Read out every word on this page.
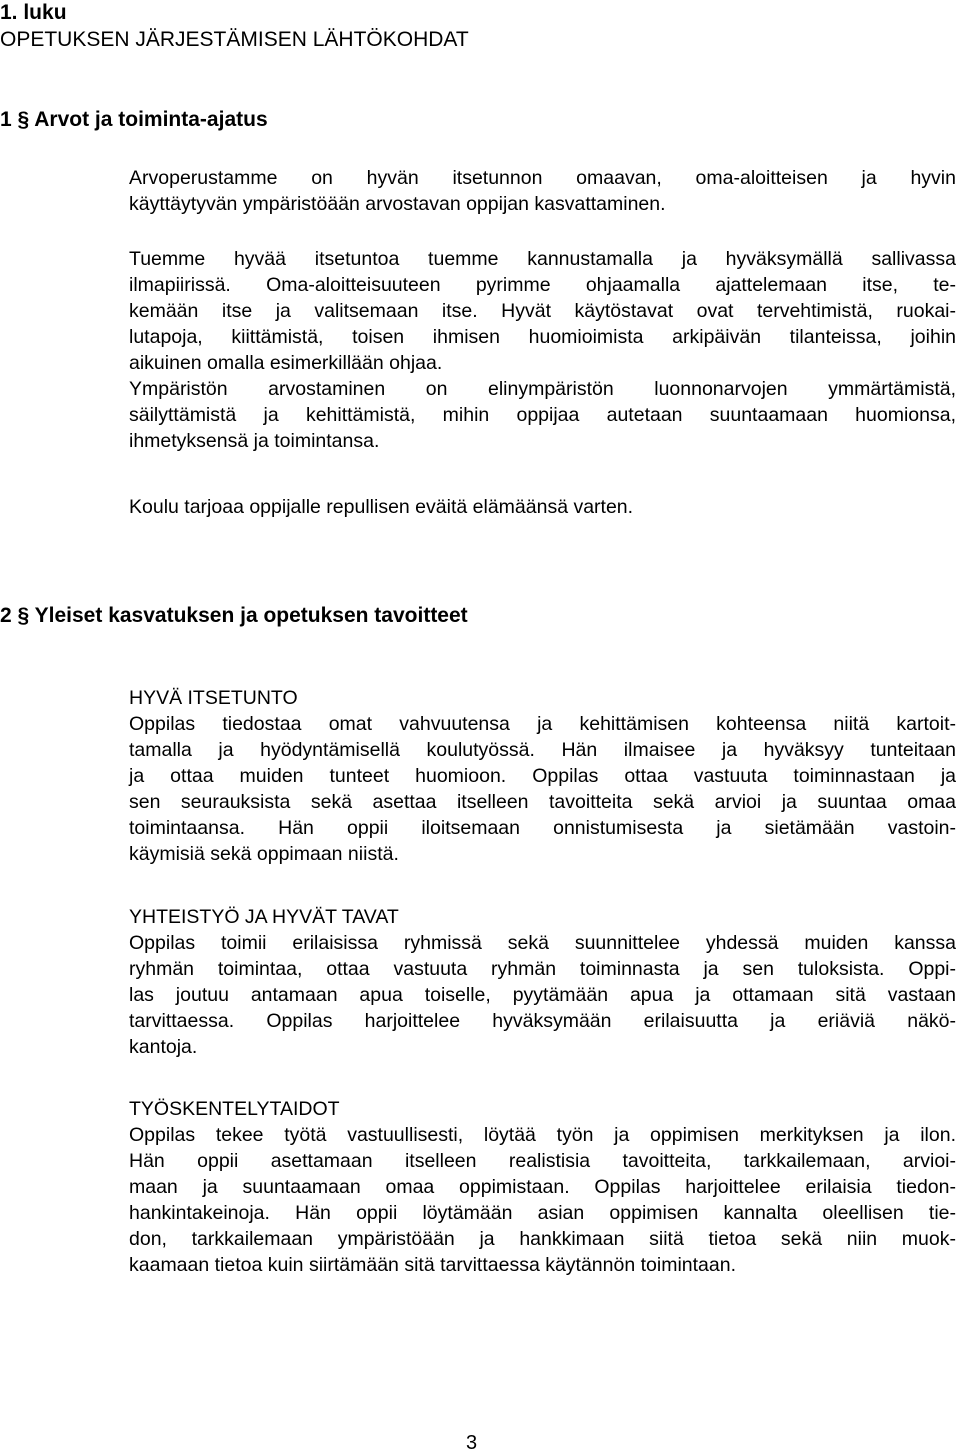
1. luku
OPETUKSEN JÄRJESTÄMISEN LÄHTÖKOHDAT
1 § Arvot ja toiminta-ajatus
Arvoperustamme on hyvän itsetunnon omaavan, oma-aloitteisen ja hyvin
käyttäytyvän ympäristöään arvostavan oppijan kasvattaminen.
Tuemme hyvää itsetuntoa tuemme kannustamalla ja hyväksymällä sallivassa
ilmapiirissä. Oma-aloitteisuuteen pyrimme ohjaamalla ajattelemaan itse, te-
kemään itse ja valitsemaan itse. Hyvät käytöstavat ovat tervehtimistä, ruokai-
lutapoja, kiittämistä, toisen ihmisen huomioimista arkipäivän tilanteissa, joihin
aikuinen omalla esimerkillään ohjaa.
Ympäristön arvostaminen on elinympäristön luonnonarvojen ymmärtämistä,
säilyttämistä ja kehittämistä, mihin oppijaa autetaan suuntaamaan huomionsa,
ihmetyksensä ja toimintansa.
Koulu tarjoaa oppijalle repullisen eväitä elämäänsä varten.
2 § Yleiset kasvatuksen ja opetuksen tavoitteet
HYVÄ ITSETUNTO
Oppilas tiedostaa omat vahvuutensa ja kehittämisen kohteensa niitä kartoit-
tamalla ja hyödyntämisellä koulutyössä. Hän ilmaisee ja hyväksyy tunteitaan
ja ottaa muiden tunteet huomioon. Oppilas ottaa vastuuta toiminnastaan ja
sen seurauksista sekä asettaa itselleen tavoitteita sekä arvioi ja suuntaa omaa
toimintaansa. Hän oppii iloitsemaan onnistumisesta ja sietämään vastoin-
käymisiä sekä oppimaan niistä.
YHTEISTYÖ JA HYVÄT TAVAT
Oppilas toimii erilaisissa ryhmissä sekä suunnittelee yhdessä muiden kanssa
ryhmän toimintaa, ottaa vastuuta ryhmän toiminnasta ja sen tuloksista. Oppi-
las joutuu antamaan apua toiselle, pyytämään apua ja ottamaan sitä vastaan
tarvittaessa. Oppilas harjoittelee hyväksymään erilaisuutta ja eriäviä näkö-
kantoja.
TYÖSKENTELYTAIDOT
Oppilas tekee työtä vastuullisesti, löytää työn ja oppimisen merkityksen ja ilon.
Hän oppii asettamaan itselleen realistisia tavoitteita, tarkkailemaan, arvioi-
maan ja suuntaamaan omaa oppimistaan. Oppilas harjoittelee erilaisia tiedon-
hankintakeinoja. Hän oppii löytämään asian oppimisen kannalta oleellisen tie-
don, tarkkailemaan ympäristöään ja hankkimaan siitä tietoa sekä niin muok-
kaamaan tietoa kuin siirtämään sitä tarvittaessa käytännön toimintaan.
3
